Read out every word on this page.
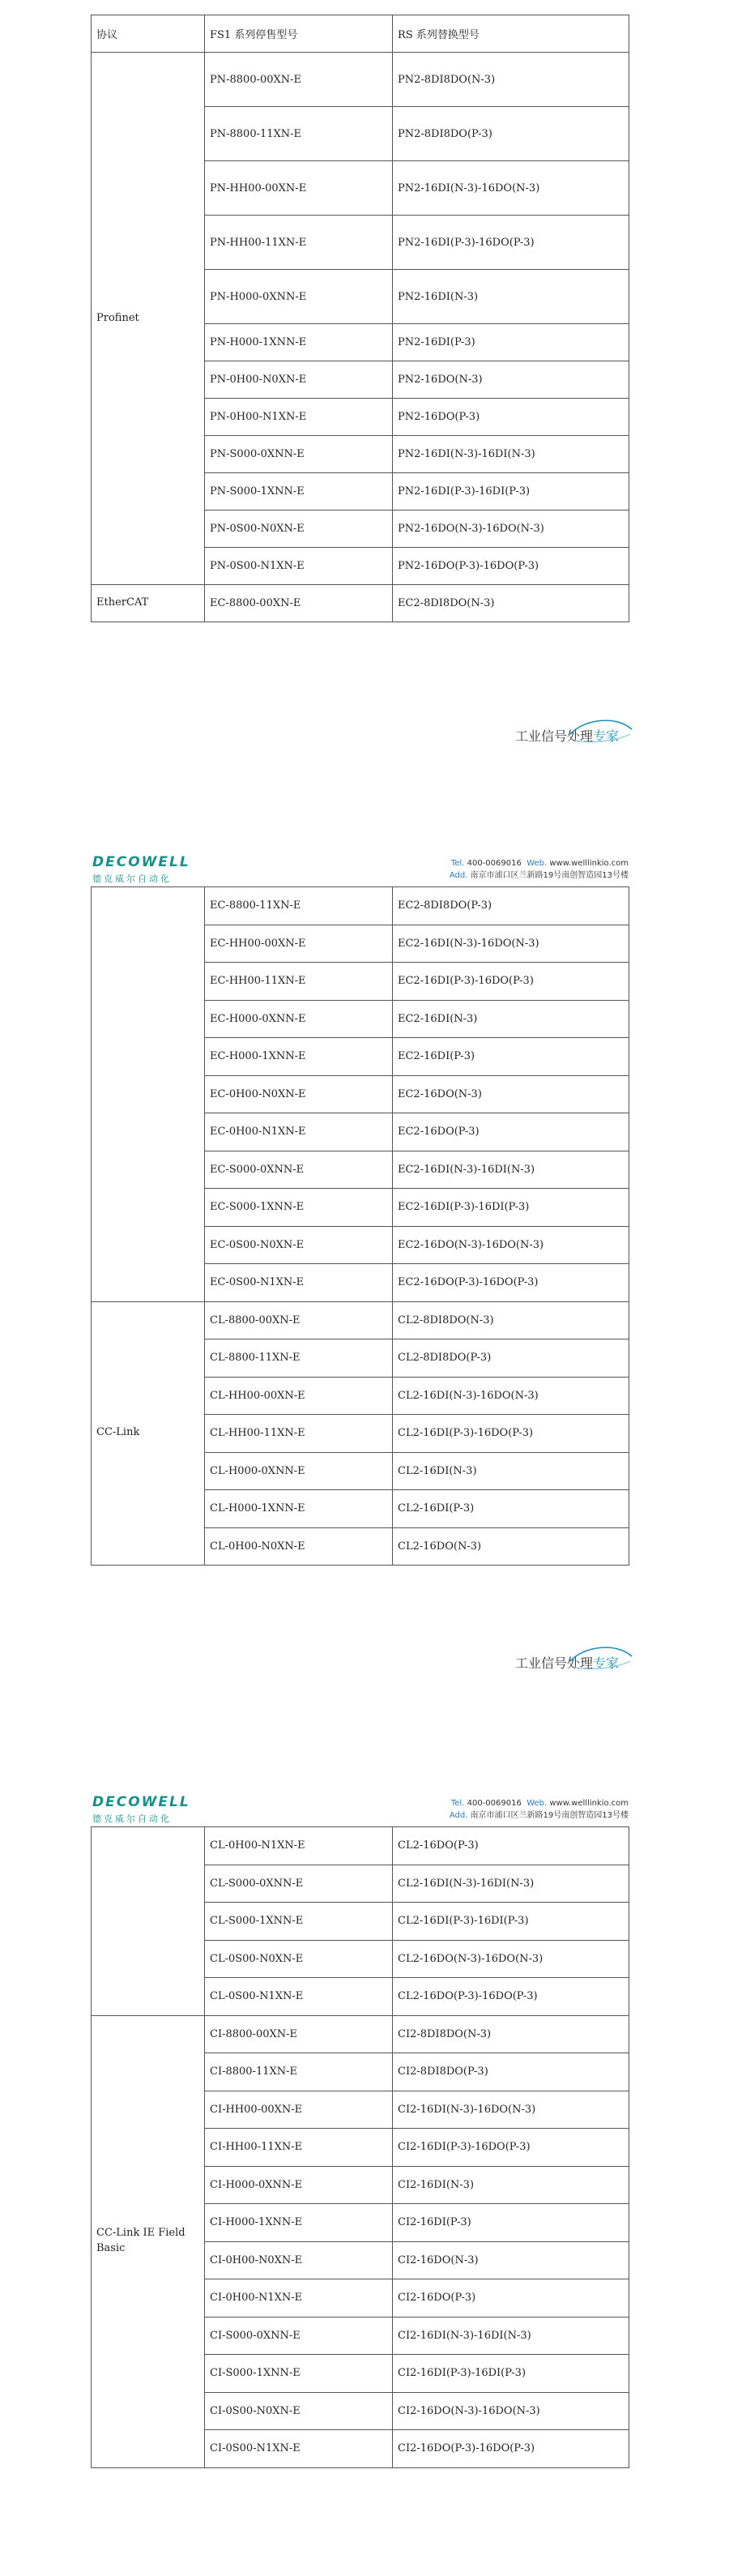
协议	FS1 系列停售型号	RS 系列替换型号
Profinet	PN-8800-00XN-E	PN2-8DI8DO(N-3)
	PN-8800-11XN-E	PN2-8DI8DO(P-3)
	PN-HH00-00XN-E	PN2-16DI(N-3)-16DO(N-3)
	PN-HH00-11XN-E	PN2-16DI(P-3)-16DO(P-3)
	PN-H000-0XNN-E	PN2-16DI(N-3)
	PN-H000-1XNN-E	PN2-16DI(P-3)
	PN-0H00-N0XN-E	PN2-16DO(N-3)
	PN-0H00-N1XN-E	PN2-16DO(P-3)
	PN-S000-0XNN-E	PN2-16DI(N-3)-16DI(N-3)
	PN-S000-1XNN-E	PN2-16DI(P-3)-16DI(P-3)
	PN-0S00-N0XN-E	PN2-16DO(N-3)-16DO(N-3)
	PN-0S00-N1XN-E	PN2-16DO(P-3)-16DO(P-3)
EtherCAT	EC-8800-00XN-E	EC2-8DI8DO(N-3)
工业信号处理专家
DECOWELL
德克威尔自动化
Tel. 400-0069016 Web. www.welllinkio.com
Add. 南京市浦口区兰新路19号南创智造园13号楼
	EC-8800-11XN-E	EC2-8DI8DO(P-3)
	EC-HH00-00XN-E	EC2-16DI(N-3)-16DO(N-3)
	EC-HH00-11XN-E	EC2-16DI(P-3)-16DO(P-3)
	EC-H000-0XNN-E	EC2-16DI(N-3)
	EC-H000-1XNN-E	EC2-16DI(P-3)
	EC-0H00-N0XN-E	EC2-16DO(N-3)
	EC-0H00-N1XN-E	EC2-16DO(P-3)
	EC-S000-0XNN-E	EC2-16DI(N-3)-16DI(N-3)
	EC-S000-1XNN-E	EC2-16DI(P-3)-16DI(P-3)
	EC-0S00-N0XN-E	EC2-16DO(N-3)-16DO(N-3)
	EC-0S00-N1XN-E	EC2-16DO(P-3)-16DO(P-3)
CC-Link	CL-8800-00XN-E	CL2-8DI8DO(N-3)
	CL-8800-11XN-E	CL2-8DI8DO(P-3)
	CL-HH00-00XN-E	CL2-16DI(N-3)-16DO(N-3)
	CL-HH00-11XN-E	CL2-16DI(P-3)-16DO(P-3)
	CL-H000-0XNN-E	CL2-16DI(N-3)
	CL-H000-1XNN-E	CL2-16DI(P-3)
	CL-0H00-N0XN-E	CL2-16DO(N-3)
工业信号处理专家
DECOWELL
德克威尔自动化
Tel. 400-0069016 Web. www.welllinkio.com
Add. 南京市浦口区兰新路19号南创智造园13号楼
	CL-0H00-N1XN-E	CL2-16DO(P-3)
	CL-S000-0XNN-E	CL2-16DI(N-3)-16DI(N-3)
	CL-S000-1XNN-E	CL2-16DI(P-3)-16DI(P-3)
	CL-0S00-N0XN-E	CL2-16DO(N-3)-16DO(N-3)
	CL-0S00-N1XN-E	CL2-16DO(P-3)-16DO(P-3)
CC-Link IE Field Basic	CI-8800-00XN-E	CI2-8DI8DO(N-3)
	CI-8800-11XN-E	CI2-8DI8DO(P-3)
	CI-HH00-00XN-E	CI2-16DI(N-3)-16DO(N-3)
	CI-HH00-11XN-E	CI2-16DI(P-3)-16DO(P-3)
	CI-H000-0XNN-E	CI2-16DI(N-3)
	CI-H000-1XNN-E	CI2-16DI(P-3)
	CI-0H00-N0XN-E	CI2-16DO(N-3)
	CI-0H00-N1XN-E	CI2-16DO(P-3)
	CI-S000-0XNN-E	CI2-16DI(N-3)-16DI(N-3)
	CI-S000-1XNN-E	CI2-16DI(P-3)-16DI(P-3)
	CI-0S00-N0XN-E	CI2-16DO(N-3)-16DO(N-3)
	CI-0S00-N1XN-E	CI2-16DO(P-3)-16DO(P-3)
